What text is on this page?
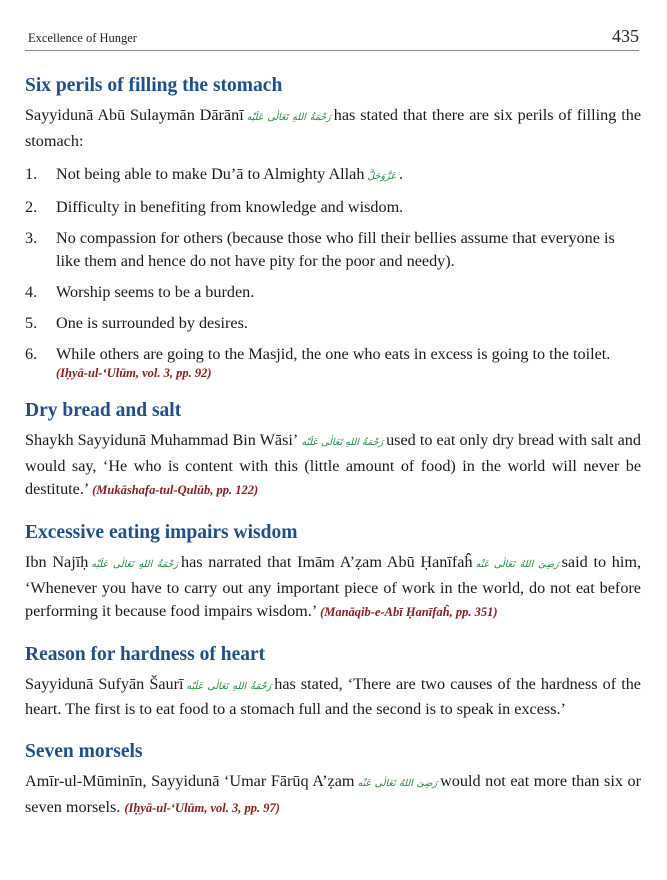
Excellence of Hunger	435
Six perils of filling the stomach

Sayyidunā Abū Sulaymān Dārānī رَحْمَةُ اللهِ تَعَالٰى عَلَيْه has stated that there are six perils of filling the stomach:

1. Not being able to make Du’ā to Almighty Allah عَزَّوَجَلَّ .
2. Difficulty in benefiting from knowledge and wisdom.
3. No compassion for others (because those who fill their bellies assume that everyone is like them and hence do not have pity for the poor and needy).
4. Worship seems to be a burden.
5. One is surrounded by desires.
6. While others are going to the Masjid, the one who eats in excess is going to the toilet.
(Iḥyā-ul-‘Ulūm, vol. 3, pp. 92)
Dry bread and salt

Shaykh Sayyidunā Muhammad Bin Wāsi’ رَحْمَةُ اللهِ تَعَالٰى عَلَيْه used to eat only dry bread with salt and would say, ‘He who is content with this (little amount of food) in the world will never be destitute.’ (Mukāshafa-tul-Qulūb, pp. 122)

Excessive eating impairs wisdom

Ibn Najīḥ رَحْمَةُ اللهِ تَعَالٰى عَلَيْه has narrated that Imām A’ẓam Abū Ḥanīfaĥ رَضِیَ اللهُ تَعَالٰی عَنْه said to him, ‘Whenever you have to carry out any important piece of work in the world, do not eat before performing it because food impairs wisdom.’ (Manāqib-e-Abī Ḥanīfaĥ, pp. 351)

Reason for hardness of heart

Sayyidunā Sufyān Šaurī رَحْمَةُ اللهِ تَعَالٰى عَلَيْه has stated, ‘There are two causes of the hardness of the heart. The first is to eat food to a stomach full and the second is to speak in excess.’

Seven morsels

Amīr-ul-Mūminīn, Sayyidunā ‘Umar Fārūq A’ẓam رَضِیَ اللهُ تَعَالٰی عَنْه would not eat more than six or seven morsels. (Iḥyā-ul-‘Ulūm, vol. 3, pp. 97)
